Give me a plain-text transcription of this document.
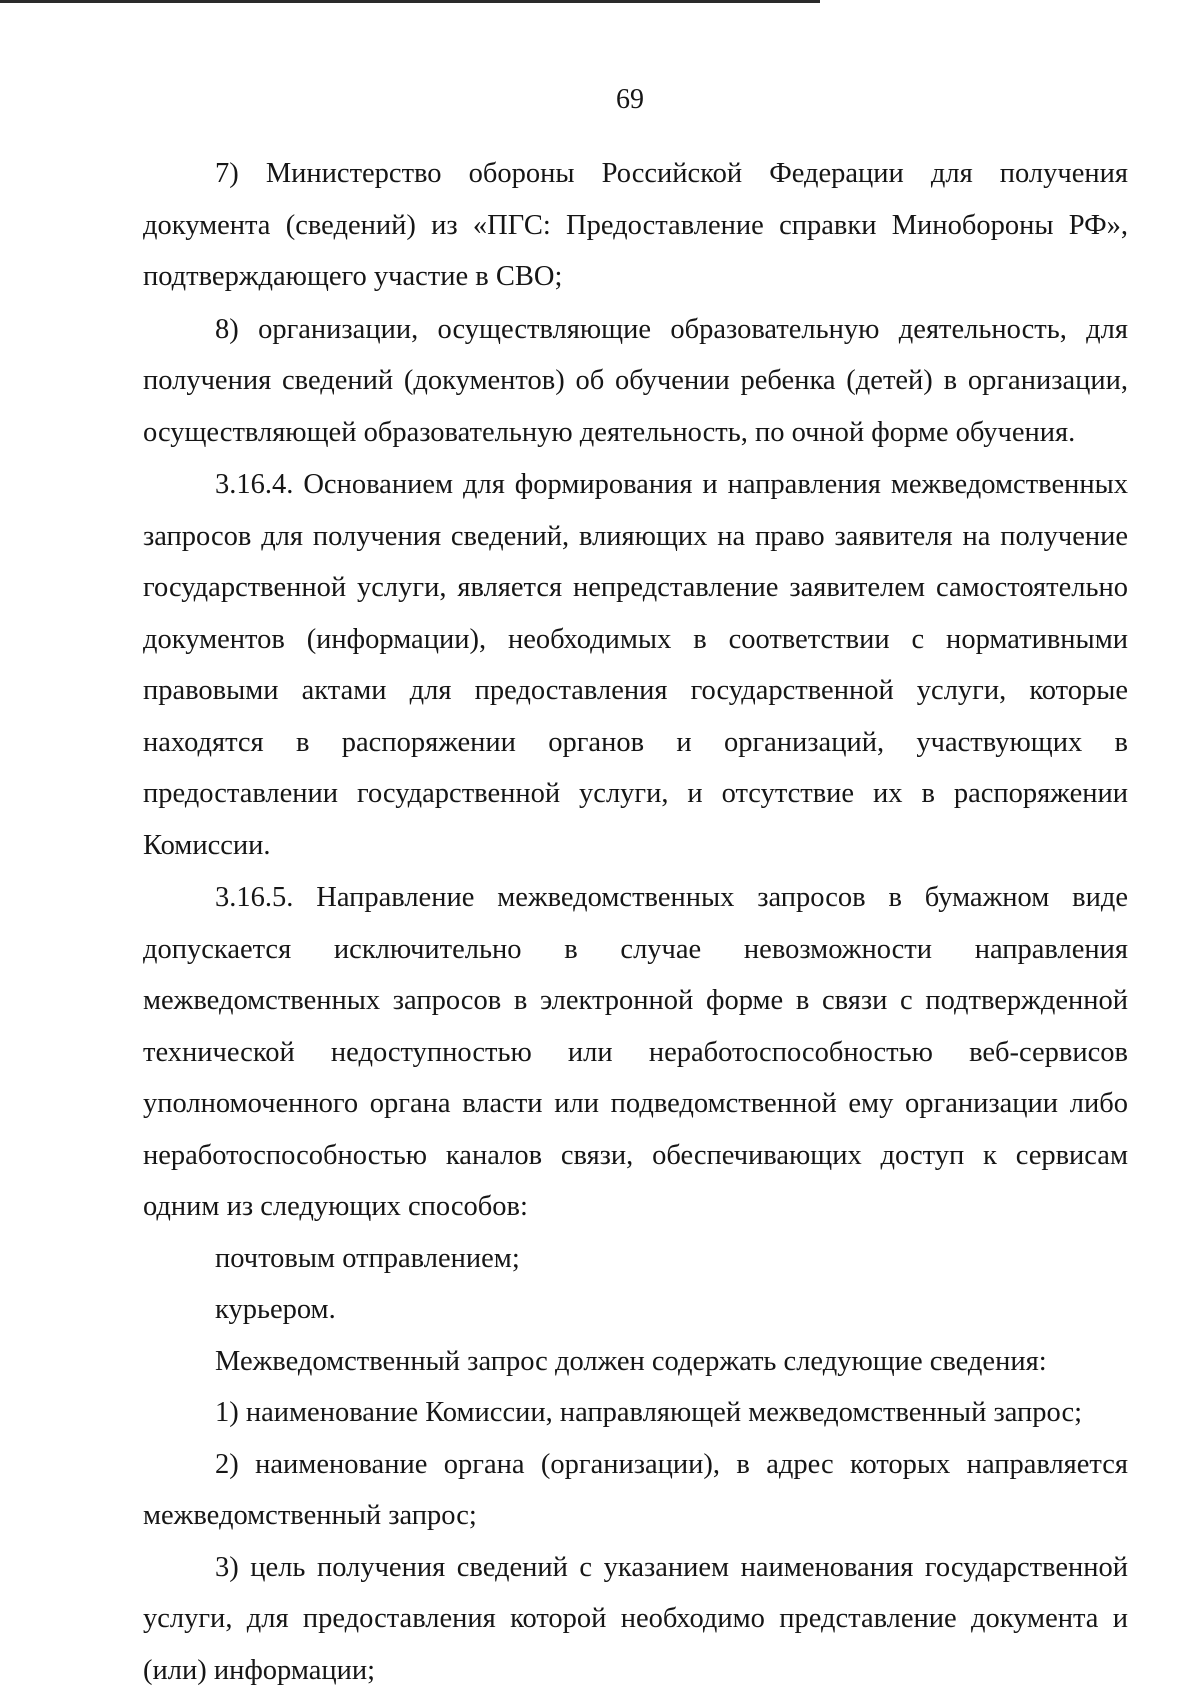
69

7) Министерство обороны Российской Федерации для получения документа (сведений) из «ПГС: Предоставление справки Минобороны РФ», подтверждающего участие в СВО;

8) организации, осуществляющие образовательную деятельность, для получения сведений (документов) об обучении ребенка (детей) в организации, осуществляющей образовательную деятельность, по очной форме обучения.

3.16.4. Основанием для формирования и направления межведомственных запросов для получения сведений, влияющих на право заявителя на получение государственной услуги, является непредставление заявителем самостоятельно документов (информации), необходимых в соответствии с нормативными правовыми актами для предоставления государственной услуги, которые находятся в распоряжении органов и организаций, участвующих в предоставлении государственной услуги, и отсутствие их в распоряжении Комиссии.

3.16.5. Направление межведомственных запросов в бумажном виде допускается исключительно в случае невозможности направления межведомственных запросов в электронной форме в связи с подтвержденной технической недоступностью или неработоспособностью веб-сервисов уполномоченного органа власти или подведомственной ему организации либо неработоспособностью каналов связи, обеспечивающих доступ к сервисам одним из следующих способов:

почтовым отправлением;

курьером.

Межведомственный запрос должен содержать следующие сведения:

1) наименование Комиссии, направляющей межведомственный запрос;

2) наименование органа (организации), в адрес которых направляется межведомственный запрос;

3) цель получения сведений с указанием наименования государственной услуги, для предоставления которой необходимо представление документа и (или) информации;
